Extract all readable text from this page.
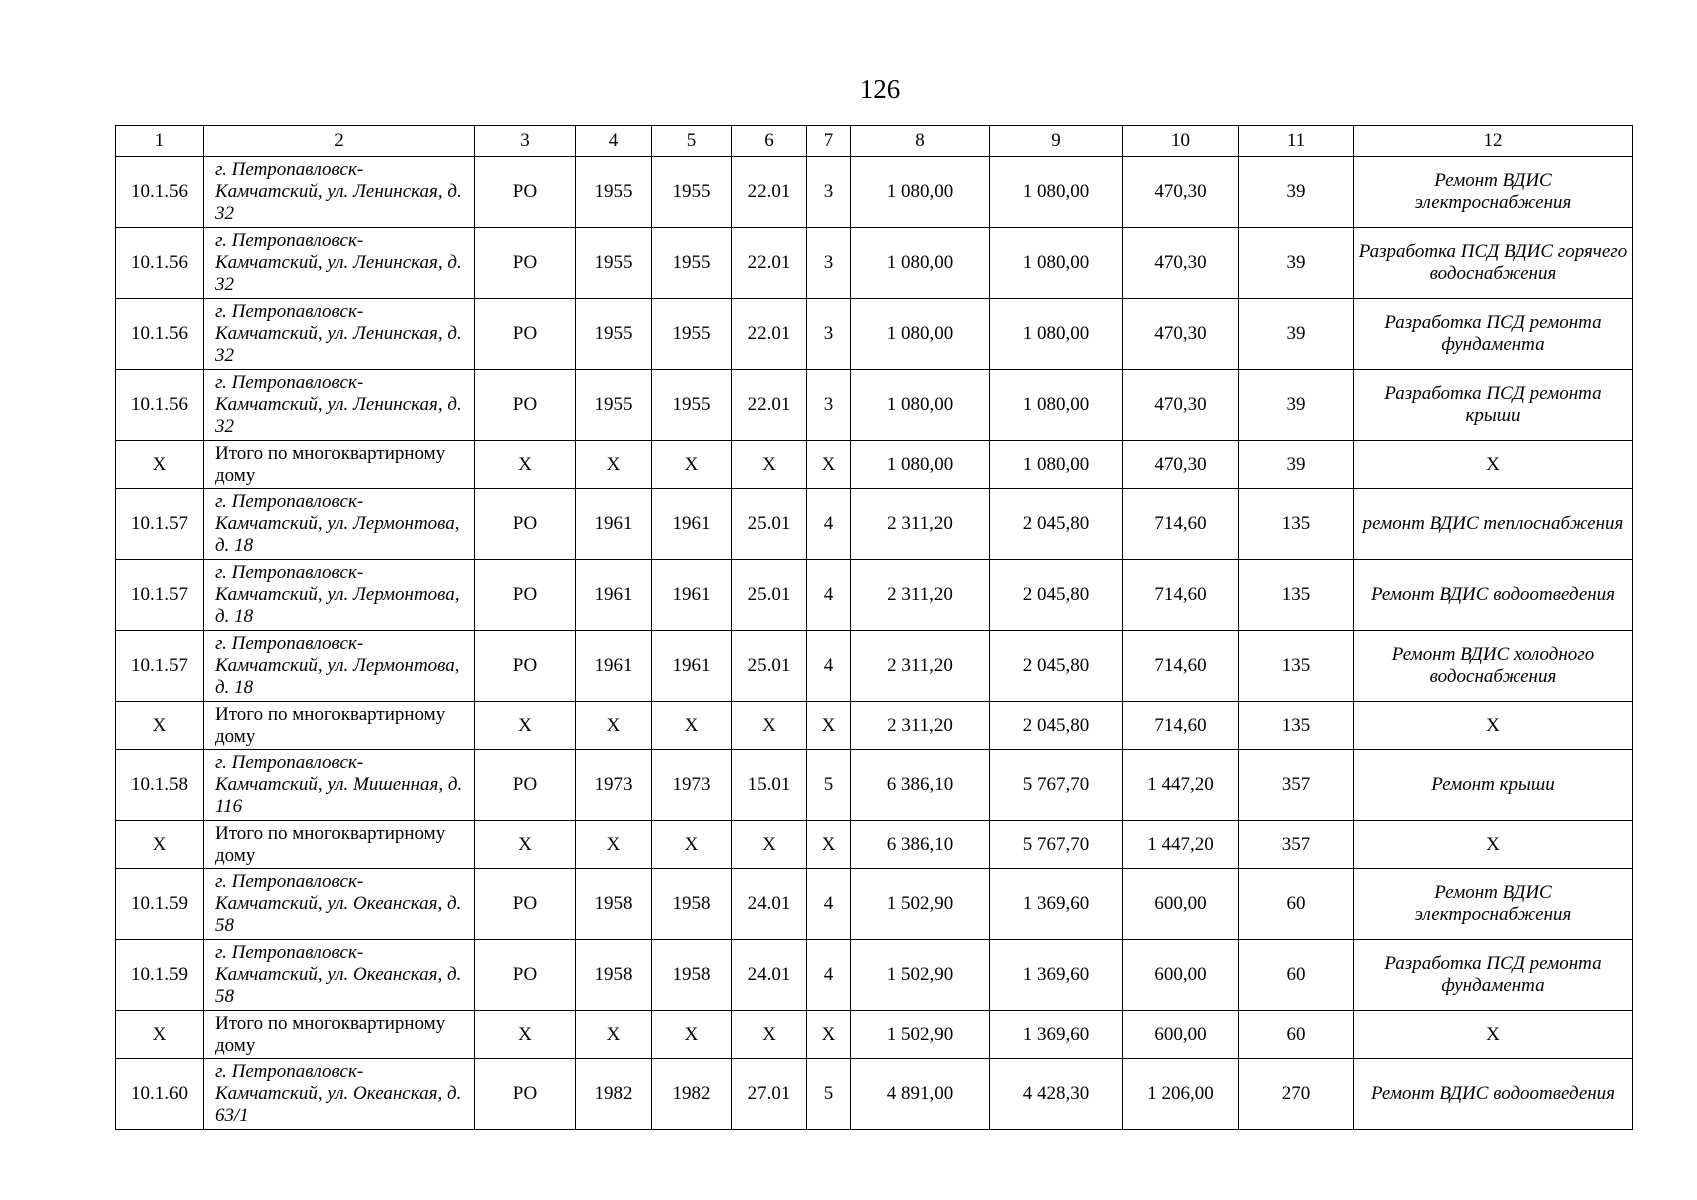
126
1	2	3	4	5	6	7	8	9	10	11	12
10.1.56	г. Петропавловск-Камчатский, ул. Ленинская, д. 32	РО	1955	1955	22.01	3	1 080,00	1 080,00	470,30	39	Ремонт ВДИС электроснабжения
10.1.56	г. Петропавловск-Камчатский, ул. Ленинская, д. 32	РО	1955	1955	22.01	3	1 080,00	1 080,00	470,30	39	Разработка ПСД ВДИС горячего водоснабжения
10.1.56	г. Петропавловск-Камчатский, ул. Ленинская, д. 32	РО	1955	1955	22.01	3	1 080,00	1 080,00	470,30	39	Разработка ПСД ремонта фундамента
10.1.56	г. Петропавловск-Камчатский, ул. Ленинская, д. 32	РО	1955	1955	22.01	3	1 080,00	1 080,00	470,30	39	Разработка ПСД ремонта крыши
X	Итого по многоквартирному дому	X	X	X	X	X	1 080,00	1 080,00	470,30	39	X
10.1.57	г. Петропавловск-Камчатский, ул. Лермонтова, д. 18	РО	1961	1961	25.01	4	2 311,20	2 045,80	714,60	135	ремонт ВДИС теплоснабжения
10.1.57	г. Петропавловск-Камчатский, ул. Лермонтова, д. 18	РО	1961	1961	25.01	4	2 311,20	2 045,80	714,60	135	Ремонт ВДИС водоотведения
10.1.57	г. Петропавловск-Камчатский, ул. Лермонтова, д. 18	РО	1961	1961	25.01	4	2 311,20	2 045,80	714,60	135	Ремонт ВДИС холодного водоснабжения
X	Итого по многоквартирному дому	X	X	X	X	X	2 311,20	2 045,80	714,60	135	X
10.1.58	г. Петропавловск-Камчатский, ул. Мишенная, д. 116	РО	1973	1973	15.01	5	6 386,10	5 767,70	1 447,20	357	Ремонт крыши
X	Итого по многоквартирному дому	X	X	X	X	X	6 386,10	5 767,70	1 447,20	357	X
10.1.59	г. Петропавловск-Камчатский, ул. Океанская, д. 58	РО	1958	1958	24.01	4	1 502,90	1 369,60	600,00	60	Ремонт ВДИС электроснабжения
10.1.59	г. Петропавловск-Камчатский, ул. Океанская, д. 58	РО	1958	1958	24.01	4	1 502,90	1 369,60	600,00	60	Разработка ПСД ремонта фундамента
X	Итого по многоквартирному дому	X	X	X	X	X	1 502,90	1 369,60	600,00	60	X
10.1.60	г. Петропавловск-Камчатский, ул. Океанская, д. 63/1	РО	1982	1982	27.01	5	4 891,00	4 428,30	1 206,00	270	Ремонт ВДИС водоотведения
